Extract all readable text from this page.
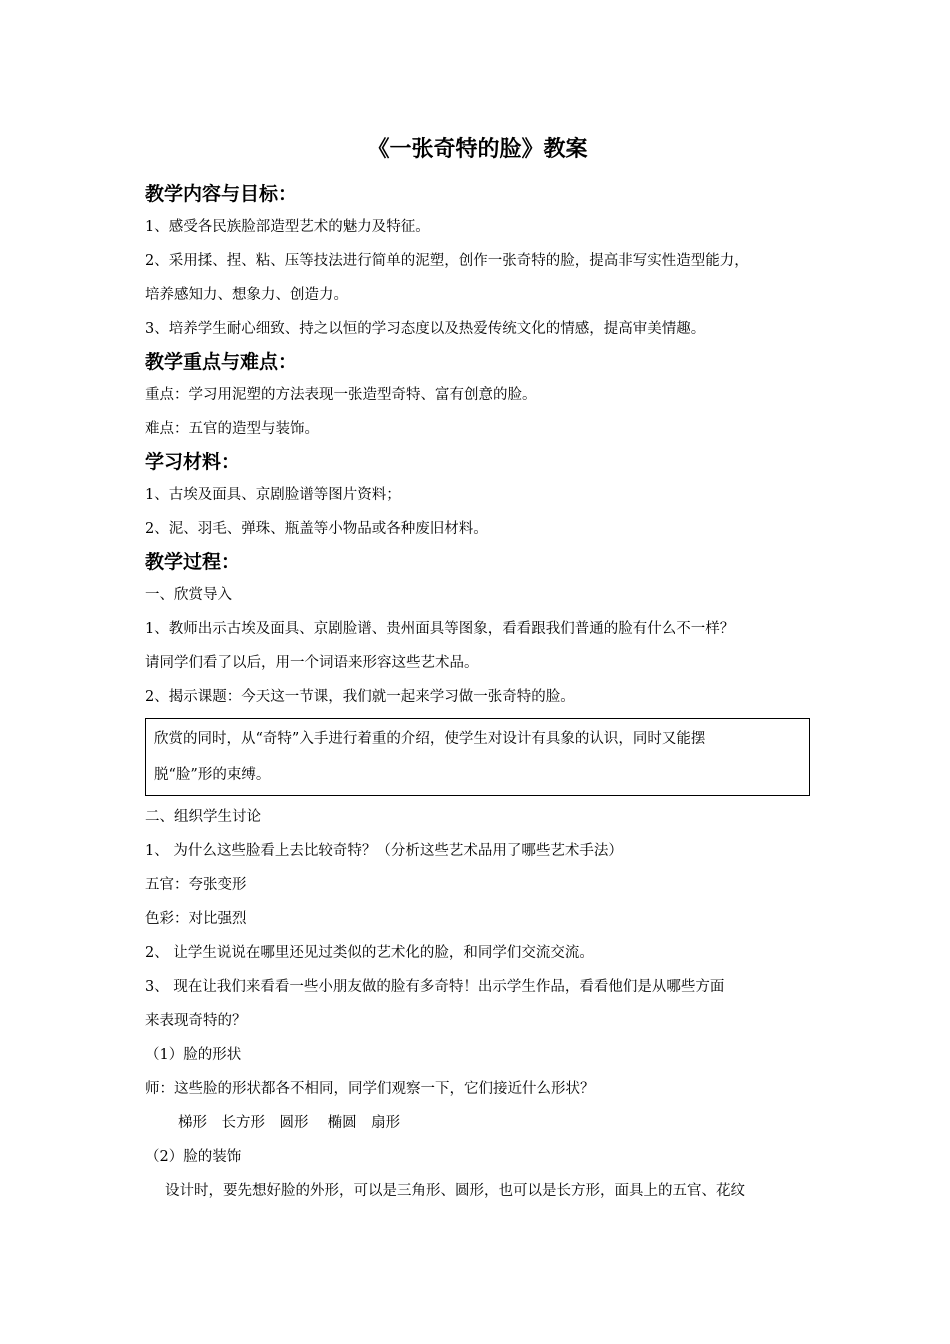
《一张奇特的脸》教案
教学内容与目标：
1、感受各民族脸部造型艺术的魅力及特征。
2、采用揉、捏、粘、压等技法进行简单的泥塑，创作一张奇特的脸，提高非写实性造型能力，
培养感知力、想象力、创造力。
3、培养学生耐心细致、持之以恒的学习态度以及热爱传统文化的情感，提高审美情趣。
教学重点与难点：
重点：学习用泥塑的方法表现一张造型奇特、富有创意的脸。
难点：五官的造型与装饰。
学习材料：
1、古埃及面具、京剧脸谱等图片资料；
2、泥、羽毛、弹珠、瓶盖等小物品或各种废旧材料。
教学过程：
一、欣赏导入
1、教师出示古埃及面具、京剧脸谱、贵州面具等图象，看看跟我们普通的脸有什么不一样？
请同学们看了以后，用一个词语来形容这些艺术品。
2、揭示课题：今天这一节课，我们就一起来学习做一张奇特的脸。
欣赏的同时，从“奇特”入手进行着重的介绍，使学生对设计有具象的认识，同时又能摆
脱“脸”形的束缚。
二、组织学生讨论
1、 为什么这些脸看上去比较奇特？（分析这些艺术品用了哪些艺术手法）
五官：夸张变形
色彩：对比强烈
2、 让学生说说在哪里还见过类似的艺术化的脸，和同学们交流交流。
3、 现在让我们来看看一些小朋友做的脸有多奇特！出示学生作品，看看他们是从哪些方面
来表现奇特的？
（1）脸的形状
师：这些脸的形状都各不相同，同学们观察一下，它们接近什么形状？
梯形　长方形　圆形　 椭圆　扇形
（2）脸的装饰
设计时，要先想好脸的外形，可以是三角形、圆形，也可以是长方形，面具上的五官、花纹
